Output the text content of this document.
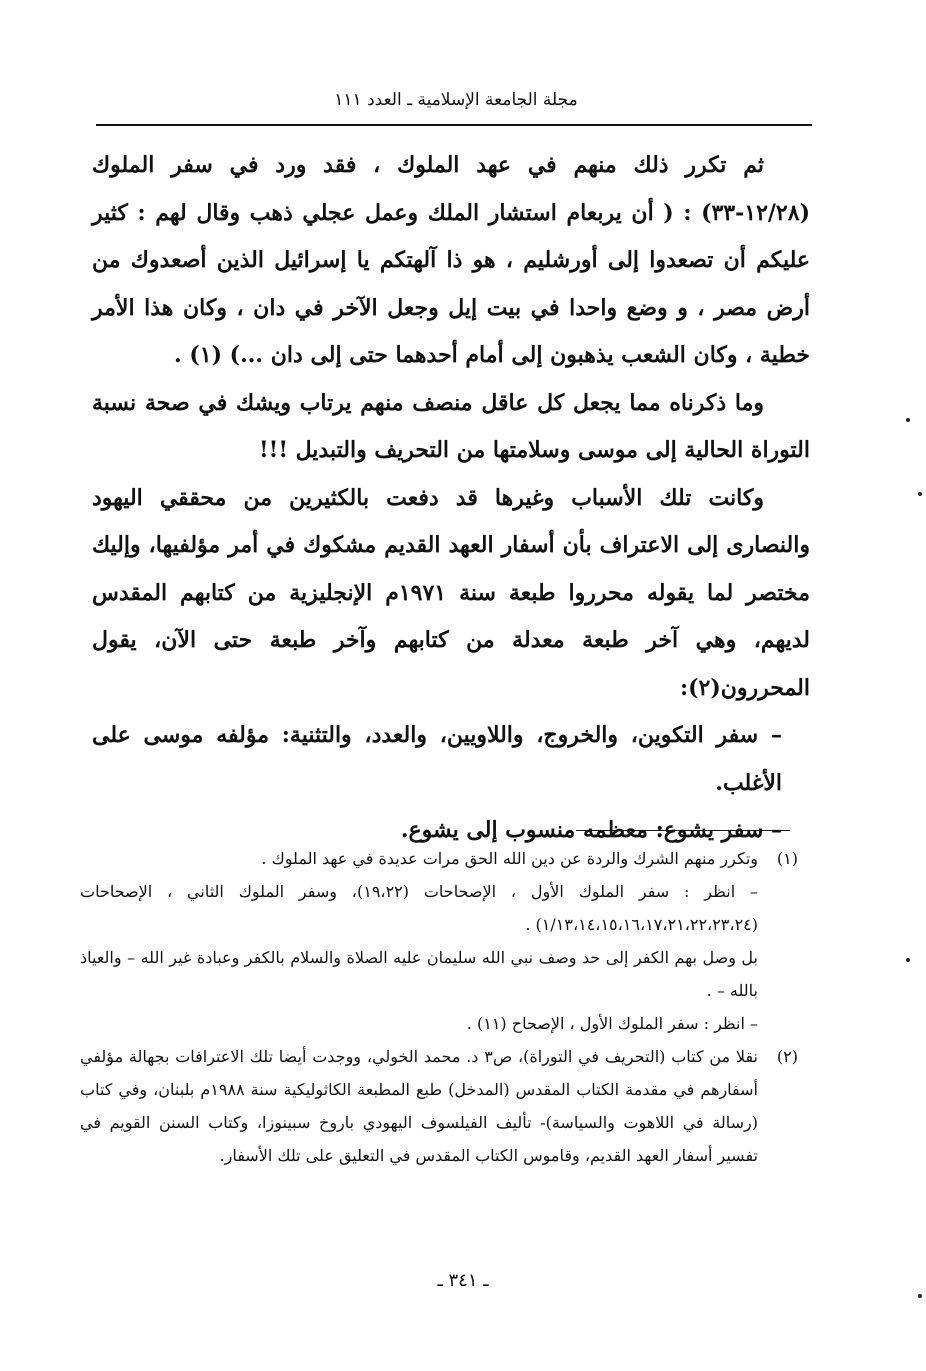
مجلة الجامعة الإسلامية ـ العدد ١١١

ثم تكرر ذلك منهم في عهد الملوك ، فقد ورد في سفر الملوك (١٢/٢٨-٣٣) : ( أن يربعام استشار الملك وعمل عجلي ذهب وقال لهم : كثير عليكم أن تصعدوا إلى أورشليم ، هو ذا آلهتكم يا إسرائيل الذين أصعدوك من أرض مصر ، و وضع واحدا في بيت إيل وجعل الآخر في دان ، وكان هذا الأمر خطية ، وكان الشعب يذهبون إلى أمام أحدهما حتى إلى دان ...) (١) .

وما ذكرناه مما يجعل كل عاقل منصف منهم يرتاب ويشك في صحة نسبة التوراة الحالية إلى موسى وسلامتها من التحريف والتبديل !!!

وكانت تلك الأسباب وغيرها قد دفعت بالكثيرين من محققي اليهود والنصارى إلى الاعتراف بأن أسفار العهد القديم مشكوك في أمر مؤلفيها، وإليك مختصر لما يقوله محرروا طبعة سنة ١٩٧١م الإنجليزية من كتابهم المقدس لديهم، وهي آخر طبعة معدلة من كتابهم وآخر طبعة حتى الآن، يقول المحررون(٢):

– سفر التكوين، والخروج، واللاويين، والعدد، والتثنية: مؤلفه موسى على الأغلب.

– سفر يشوع: معظمه منسوب إلى يشوع.

(١)

وتكرر منهم الشرك والردة عن دين الله الحق مرات عديدة في عهد الملوك .

– انظر : سفر الملوك الأول ، الإصحاحات (١٩،٢٢)، وسفر الملوك الثاني ، الإصحاحات (١/١٣،١٤،١٥،١٦،١٧،٢١،٢٢،٢٣،٢٤) .

بل وصل بهم الكفر إلى حد وصف نبي الله سليمان عليه الصلاة والسلام بالكفر وعبادة غير الله – والعياذ بالله – .

– انظر : سفر الملوك الأول ، الإصحاح (١١) .

(٢)

نقلا من كتاب (التحريف في التوراة)، ص٣ د. محمد الخولي، ووجدت أيضا تلك الاعترافات بجهالة مؤلفي أسفارهم في مقدمة الكتاب المقدس (المدخل) طبع المطبعة الكاثوليكية سنة ١٩٨٨م بلبنان، وفي كتاب (رسالة في اللاهوت والسياسة)- تأليف الفيلسوف اليهودي باروخ سبينوزا، وكتاب السنن القويم في تفسير أسفار العهد القديم، وقاموس الكتاب المقدس في التعليق على تلك الأسفار.

ـ ٣٤١ ـ
